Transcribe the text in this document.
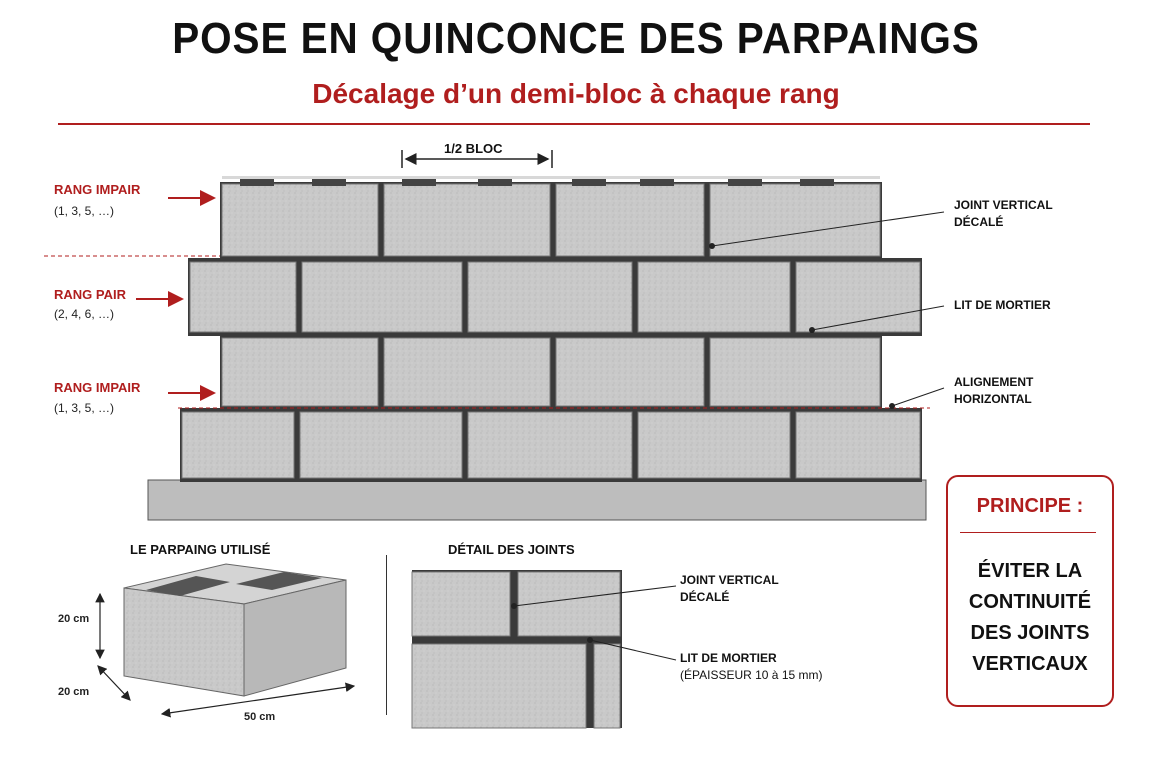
POSE EN QUINCONCE DES PARPAINGS
Décalage d’un demi-bloc à chaque rang
1/2 BLOC
RANG IMPAIR
(1, 3, 5, …)
RANG PAIR
(2, 4, 6, …)
RANG IMPAIR
(1, 3, 5, …)
JOINT VERTICAL
DÉCALÉ
LIT DE MORTIER
ALIGNEMENT
HORIZONTAL
LE PARPAING UTILISÉ
20 cm
20 cm
50 cm
DÉTAIL DES JOINTS
JOINT VERTICAL
DÉCALÉ
LIT DE MORTIER
(ÉPAISSEUR 10 à 15 mm)
PRINCIPE :
ÉVITER LA
CONTINUITÉ
DES JOINTS
VERTICAUX
